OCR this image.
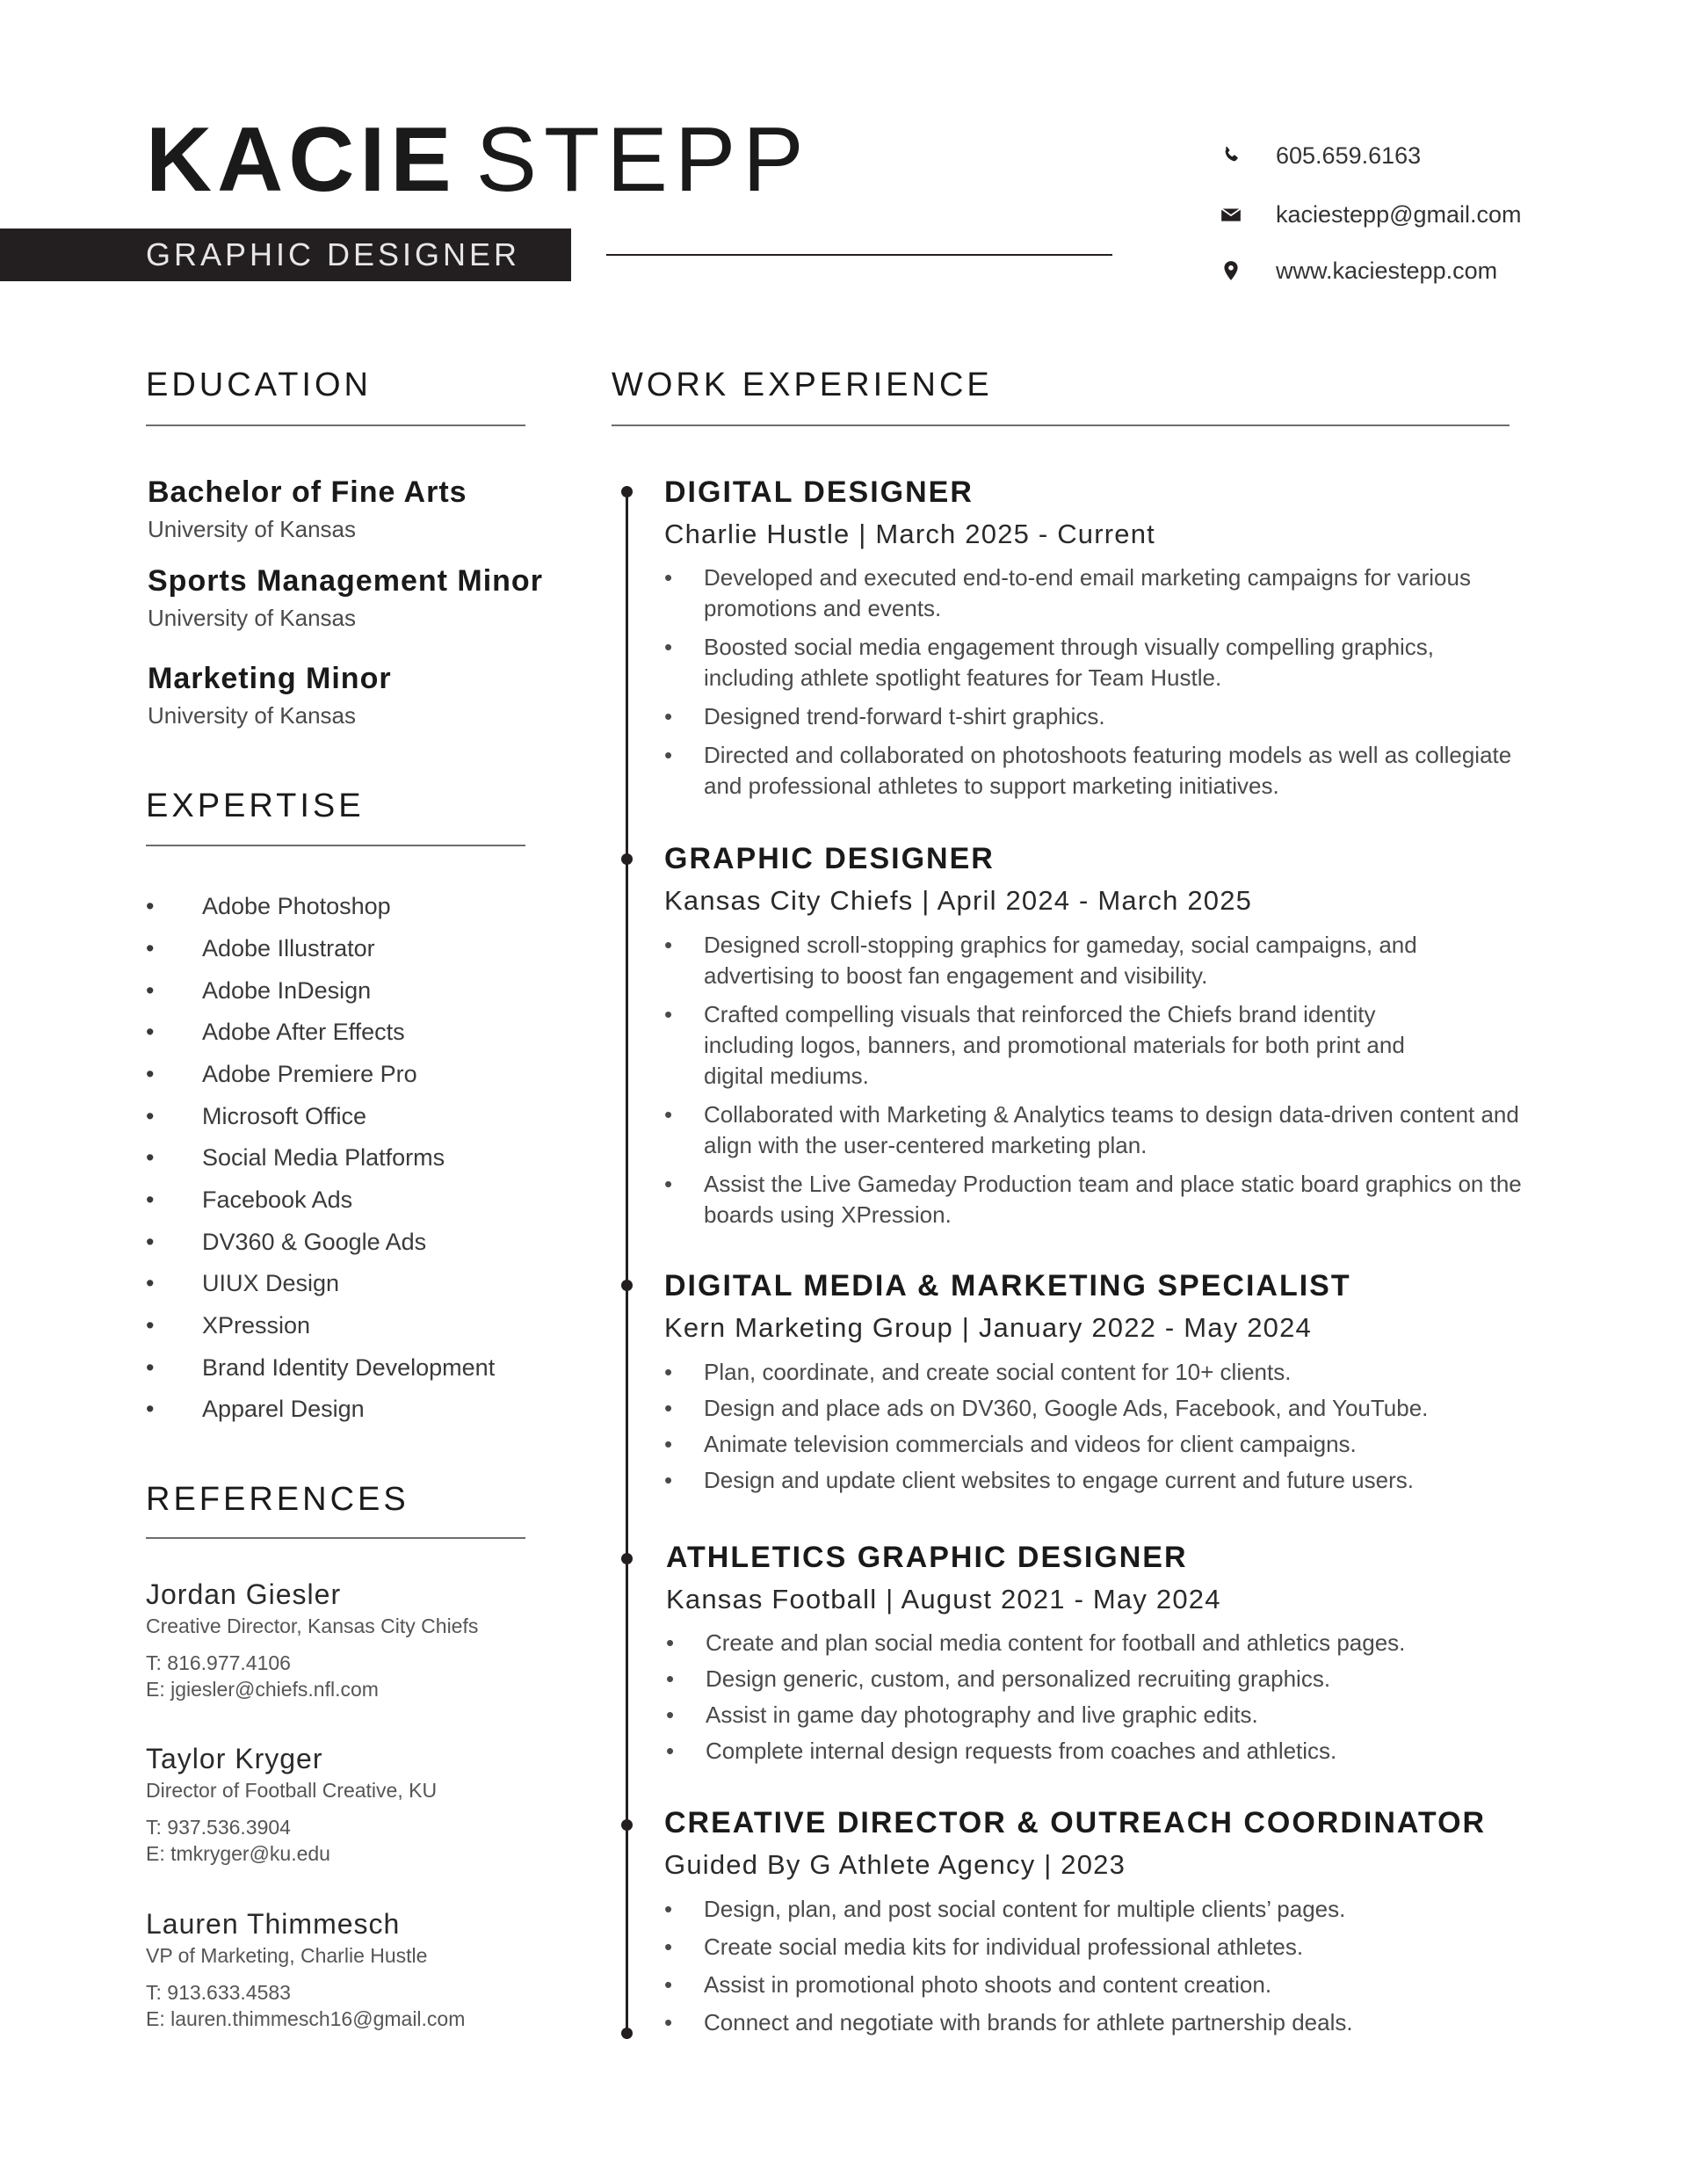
KACIE STEPP
GRAPHIC DESIGNER
605.659.6163
kaciestepp@gmail.com
www.kaciestepp.com
EDUCATION
Bachelor of Fine Arts
University of Kansas
Sports Management Minor
University of Kansas
Marketing Minor
University of Kansas
EXPERTISE
• Adobe Photoshop
• Adobe Illustrator
• Adobe InDesign
• Adobe After Effects
• Adobe Premiere Pro
• Microsoft Office
• Social Media Platforms
• Facebook Ads
• DV360 & Google Ads
• UIUX Design
• XPression
• Brand Identity Development
• Apparel Design
REFERENCES
Jordan Giesler
Creative Director, Kansas City Chiefs
T: 816.977.4106
E: jgiesler@chiefs.nfl.com
Taylor Kryger
Director of Football Creative, KU
T: 937.536.3904
E: tmkryger@ku.edu
Lauren Thimmesch
VP of Marketing, Charlie Hustle
T: 913.633.4583
E: lauren.thimmesch16@gmail.com
WORK EXPERIENCE
DIGITAL DESIGNER
Charlie Hustle | March 2025 - Current
• Developed and executed end-to-end email marketing campaigns for various promotions and events.
• Boosted social media engagement through visually compelling graphics, including athlete spotlight features for Team Hustle.
• Designed trend-forward t-shirt graphics.
• Directed and collaborated on photoshoots featuring models as well as collegiate and professional athletes to support marketing initiatives.
GRAPHIC DESIGNER
Kansas City Chiefs | April 2024 - March 2025
• Designed scroll-stopping graphics for gameday, social campaigns, and advertising to boost fan engagement and visibility.
• Crafted compelling visuals that reinforced the Chiefs brand identity including logos, banners, and promotional materials for both print and digital mediums.
• Collaborated with Marketing & Analytics teams to design data-driven content and align with the user-centered marketing plan.
• Assist the Live Gameday Production team and place static board graphics on the boards using XPression.
DIGITAL MEDIA & MARKETING SPECIALIST
Kern Marketing Group | January 2022 - May 2024
• Plan, coordinate, and create social content for 10+ clients.
• Design and place ads on DV360, Google Ads, Facebook, and YouTube.
• Animate television commercials and videos for client campaigns.
• Design and update client websites to engage current and future users.
ATHLETICS GRAPHIC DESIGNER
Kansas Football | August 2021 - May 2024
• Create and plan social media content for football and athletics pages.
• Design generic, custom, and personalized recruiting graphics.
• Assist in game day photography and live graphic edits.
• Complete internal design requests from coaches and athletics.
CREATIVE DIRECTOR & OUTREACH COORDINATOR
Guided By G Athlete Agency | 2023
• Design, plan, and post social content for multiple clients’ pages.
• Create social media kits for individual professional athletes.
• Assist in promotional photo shoots and content creation.
• Connect and negotiate with brands for athlete partnership deals.
